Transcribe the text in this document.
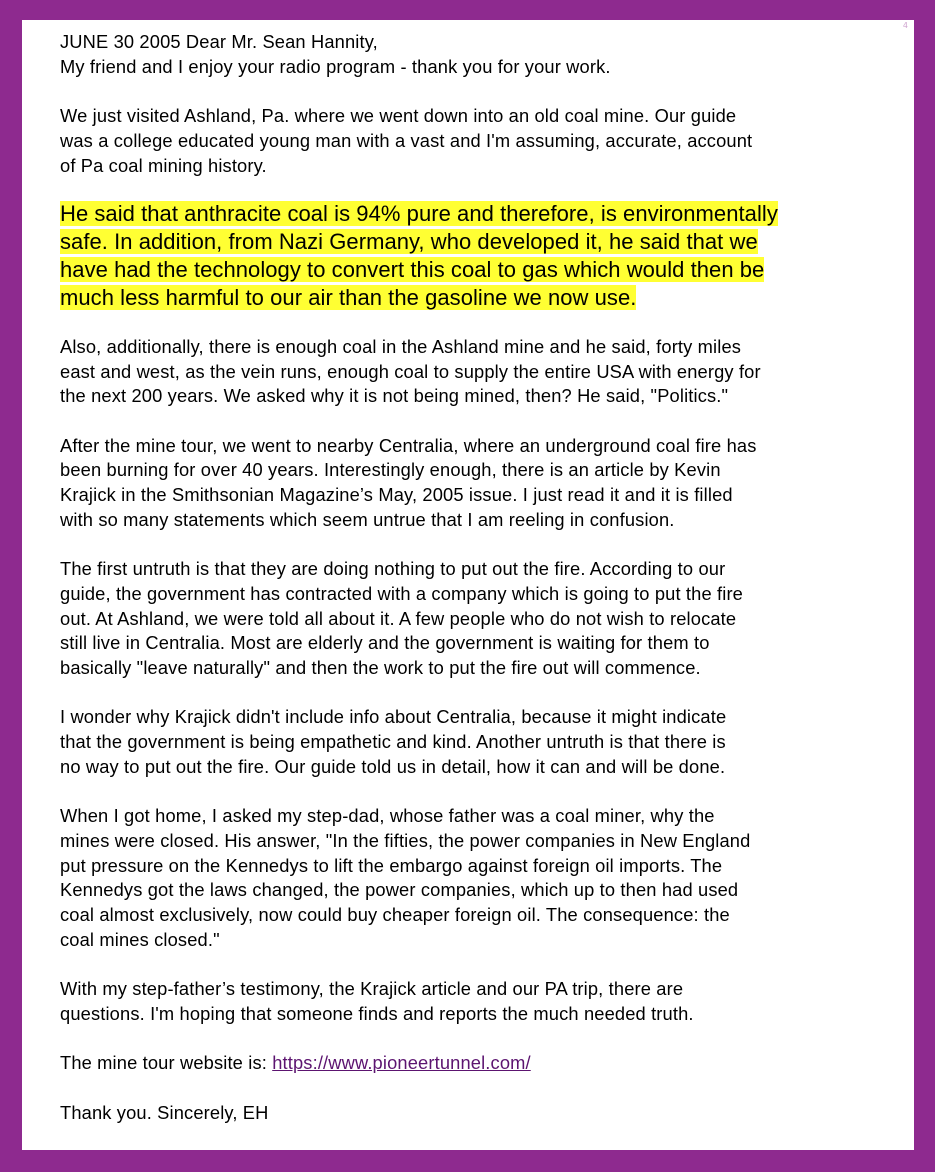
4

JUNE 30 2005 Dear Mr. Sean Hannity,
My friend and I enjoy your radio program - thank you for your work.

We just visited Ashland, Pa. where we went down into an old coal mine. Our guide
was a college educated young man with a vast and I'm assuming, accurate, account
of Pa coal mining history.

He said that anthracite coal is 94% pure and therefore, is environmentally
safe. In addition, from Nazi Germany, who developed it, he said that we
have had the technology to convert this coal to gas which would then be
much less harmful to our air than the gasoline we now use.

Also, additionally, there is enough coal in the Ashland mine and he said, forty miles
east and west, as the vein runs, enough coal to supply the entire USA with energy for
the next 200 years. We asked why it is not being mined, then? He said, "Politics."

After the mine tour, we went to nearby Centralia, where an underground coal fire has
been burning for over 40 years. Interestingly enough, there is an article by Kevin
Krajick in the Smithsonian Magazine’s May, 2005 issue. I just read it and it is filled
with so many statements which seem untrue that I am reeling in confusion.

The first untruth is that they are doing nothing to put out the fire. According to our
guide, the government has contracted with a company which is going to put the fire
out. At Ashland, we were told all about it. A few people who do not wish to relocate
still live in Centralia. Most are elderly and the government is waiting for them to
basically "leave naturally" and then the work to put the fire out will commence.

I wonder why Krajick didn't include info about Centralia, because it might indicate
that the government is being empathetic and kind. Another untruth is that there is
no way to put out the fire. Our guide told us in detail, how it can and will be done.

When I got home, I asked my step-dad, whose father was a coal miner, why the
mines were closed. His answer, "In the fifties, the power companies in New England
put pressure on the Kennedys to lift the embargo against foreign oil imports. The
Kennedys got the laws changed, the power companies, which up to then had used
coal almost exclusively, now could buy cheaper foreign oil. The consequence: the
coal mines closed."

With my step-father’s testimony, the Krajick article and our PA trip, there are
questions. I'm hoping that someone finds and reports the much needed truth.

The mine tour website is: https://www.pioneertunnel.com/

Thank you. Sincerely, EH
